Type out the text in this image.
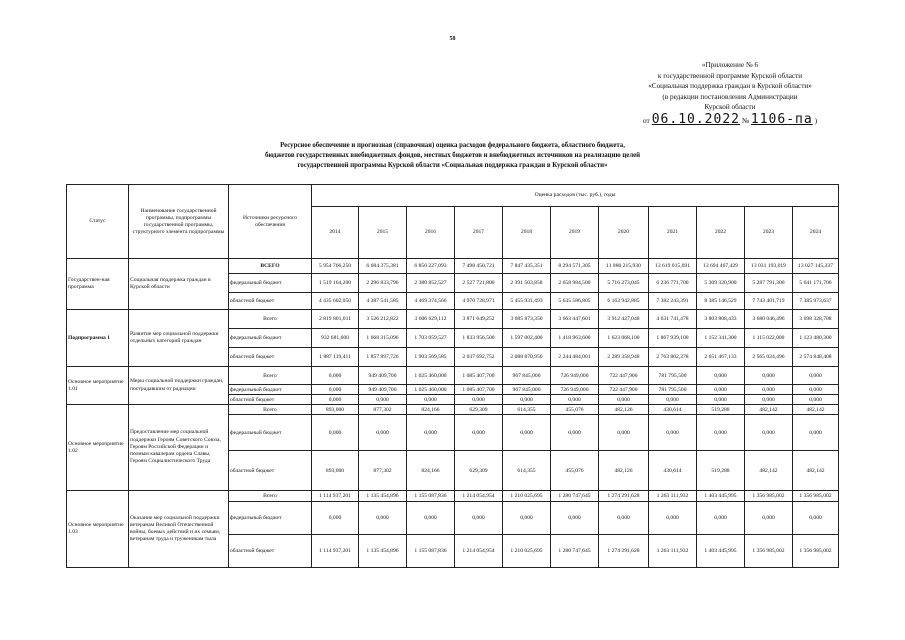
58
«Приложение № 6
к государственной программе Курской области
«Социальная поддержка граждан в Курской области»
(в редакции постановления Администрации
Курской области
от 06.10.2022 № 1106-па )
Ресурсное обеспечение и прогнозная (справочная) оценка расходов федерального бюджета, областного бюджета,
бюджетов государственных внебюджетных фондов, местных бюджетов и внебюджетных источников на реализацию целей
государственной программы Курской области «Социальная поддержка граждан в Курской области»
Статус	Наименование государственной программы, подпрограммы государственной программы, структурного элемента подпрограммы	Источники ресурсного обеспечения	Оценка расходов (тыс. руб.), годы										
			2014	2015	2016	2017	2018	2019	2020	2021	2022	2023	2024
Государствен-ная программа	Социальная поддержка граждан в Курской области	ВСЕГО	5 954 766,250	6 684 375,381	6 850 227,093	7 498 450,721	7 847 435,351	8 294 571,305	11 880 215,930	13 619 015,691	13 694 467,429	13 031 193,019	13 027 145,337
		федеральный бюджет	1 519 164,200	2 296 833,796	2 380 852,527	2 527 721,800	2 391 503,858	2 658 984,500	5 716 273,045	6 236 771,700	5 309 320,900	5 287 791,300	5 641 171,700
		областной бюджет	4 435 602,050	4 387 541,585	4 469 374,566	4 970 728,971	5 455 931,493	5 635 586,805	6 163 942,885	7 382 243,391	8 385 146,529	7 743 401,719	7 385 973,637
Подпрограмма 1	Развитие мер социальной поддержки отдельных категорий граждан	Всего	2 819 801,011	3 526 212,822	3 606 629,112	3 871 649,252	3 685 873,350	3 663 447,601	3 912 427,048	4 631 741,478	3 803 808,433	3 680 046,496	3 698 328,708
		федеральный бюджет	932 681,600	1 668 315,096	1 703 059,527	1 833 956,500	1 597 002,400	1 418 963,600	1 623 068,100	1 867 939,100	1 152 341,300	1 115 022,000	1 123 480,300
		областной бюджет	1 887 119,411	1 857 897,726	1 903 569,585	2 037 692,752	2 088 870,950	2 244 484,001	2 289 358,948	2 763 802,378	2 651 467,133	2 565 024,496	2 574 848,408
Основное мероприятие 1.01	Меры социальной поддержки граждан, пострадавшим от радиации	Всего	0,000	949 409,700	1 025 460,000	1 085 407,700	967 845,000	726 949,000	722 447,900	781 795,500	0,000	0,000	0,000
		федеральный бюджет	0,000	949 409,700	1 025 460,000	1 085 407,700	967 845,000	726 949,000	722 447,900	781 795,500	0,000	0,000	0,000
		областной бюджет	0,000	0,000	0,000	0,000	0,000	0,000	0,000	0,000	0,000	0,000	0,000
Основное мероприятие 1.02	Предоставление мер социальной поддержки Героям Советского Союза, Героям Российской Федерации и полным кавалерам ордена Славы, Героям Социалистического Труда	Всего	893,000	877,302	824,166	629,309	614,355	455,076	482,126	430,614	519,288	482,142	482,142
		федеральный бюджет	0,000	0,000	0,000	0,000	0,000	0,000	0,000	0,000	0,000	0,000	0,000
		областной бюджет	893,000	877,302	824,166	629,309	614,355	455,076	482,126	430,614	519,288	482,142	482,142
Основное мероприятие 1.03	Оказание мер социальной поддержки ветеранам Великой Отечественной войны, боевых действий и их семьям, ветеранам труда и труженикам тыла	Всего	1 114 937,201	1 135 454,896	1 155 087,836	1 214 054,954	1 210 025,695	1 280 747,645	1 274 291,628	1 263 111,932	1 403 445,995	1 356 985,002	1 356 985,002
		федеральный бюджет	0,000	0,000	0,000	0,000	0,000	0,000	0,000	0,000	0,000	0,000	0,000
		областной бюджет	1 114 937,201	1 135 454,896	1 155 087,836	1 214 054,954	1 210 025,695	1 280 747,645	1 274 291,628	1 263 111,932	1 403 445,995	1 356 985,002	1 356 985,002
